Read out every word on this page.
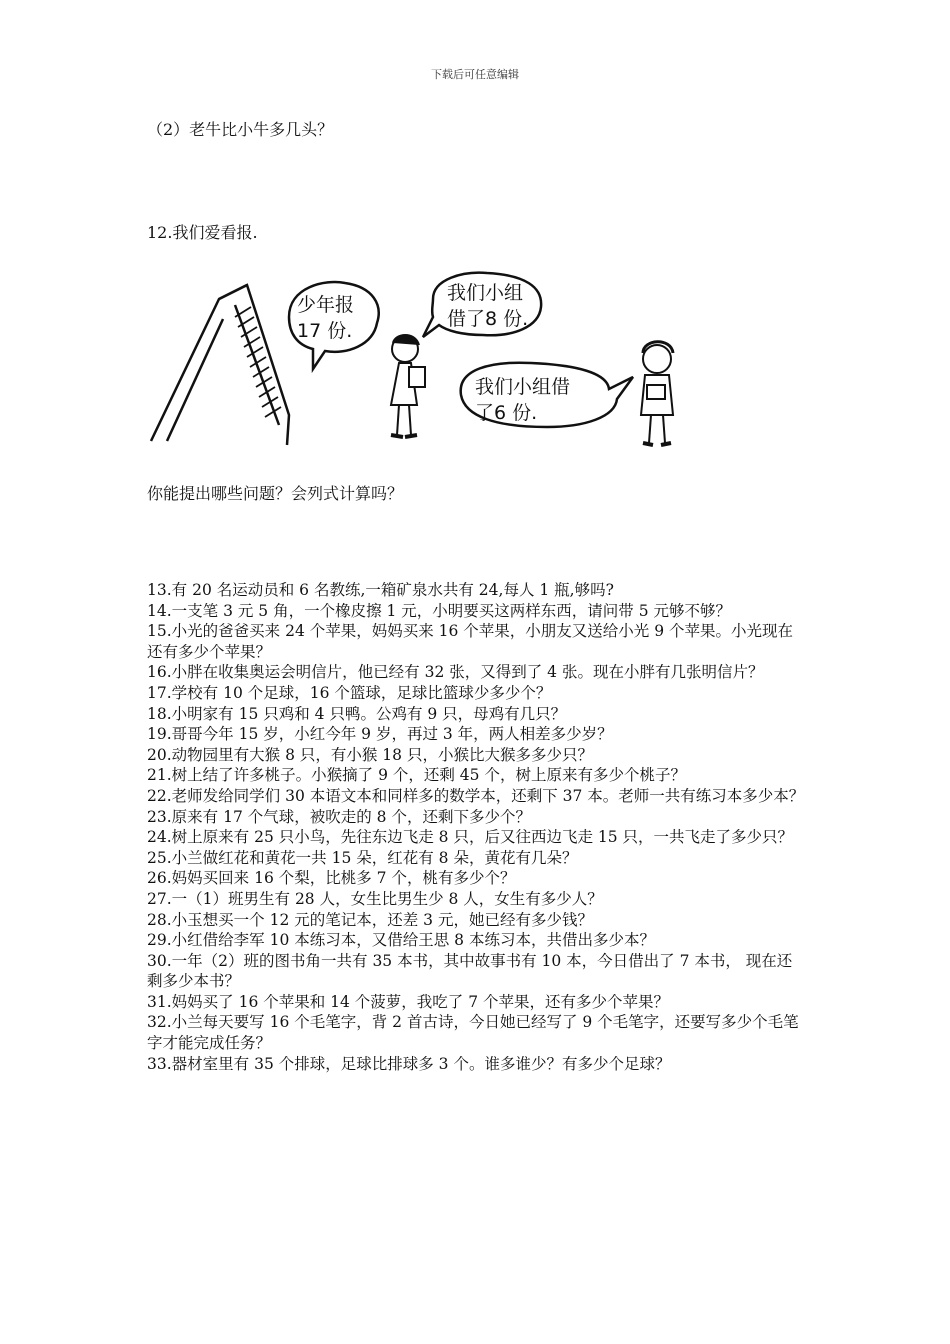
下载后可任意编辑
（2）老牛比小牛多几头？
12.我们爱看报.
少年报
17 份.
我们小组
借了8 份.
我们小组借
了6 份.
你能提出哪些问题？会列式计算吗？
13.有 20 名运动员和 6 名教练,一箱矿泉水共有 24,每人 1 瓶,够吗?
14.一支笔 3 元 5 角，一个橡皮擦 1 元，小明要买这两样东西，请问带 5 元够不够？
15.小光的爸爸买来 24 个苹果，妈妈买来 16 个苹果，小朋友又送给小光 9 个苹果。小光现在还有多少个苹果？
16.小胖在收集奥运会明信片，他已经有 32 张，又得到了 4 张。现在小胖有几张明信片？
17.学校有 10 个足球，16 个篮球，足球比篮球少多少个？
18.小明家有 15 只鸡和 4 只鸭。公鸡有 9 只，母鸡有几只？
19.哥哥今年 15 岁，小红今年 9 岁，再过 3 年，两人相差多少岁？
20.动物园里有大猴 8 只，有小猴 18 只，小猴比大猴多多少只？
21.树上结了许多桃子。小猴摘了 9 个，还剩 45 个，树上原来有多少个桃子？
22.老师发给同学们 30 本语文本和同样多的数学本，还剩下 37 本。老师一共有练习本多少本？
23.原来有 17 个气球，被吹走的 8 个，还剩下多少个？
24.树上原来有 25 只小鸟，先往东边飞走 8 只，后又往西边飞走 15 只，一共飞走了多少只？
25.小兰做红花和黄花一共 15 朵，红花有 8 朵，黄花有几朵？
26.妈妈买回来 16 个梨，比桃多 7 个，桃有多少个？
27.一（1）班男生有 28 人，女生比男生少 8 人，女生有多少人？
28.小玉想买一个 12 元的笔记本，还差 3 元，她已经有多少钱？
29.小红借给李军 10 本练习本，又借给王思 8 本练习本，共借出多少本？
30.一年（2）班的图书角一共有 35 本书，其中故事书有 10 本，今日借出了 7 本书， 现在还剩多少本书？
31.妈妈买了 16 个苹果和 14 个菠萝，我吃了 7 个苹果，还有多少个苹果？
32.小兰每天要写 16 个毛笔字，背 2 首古诗，今日她已经写了 9 个毛笔字，还要写多少个毛笔字才能完成任务？
33.器材室里有 35 个排球，足球比排球多 3 个。谁多谁少？有多少个足球？
